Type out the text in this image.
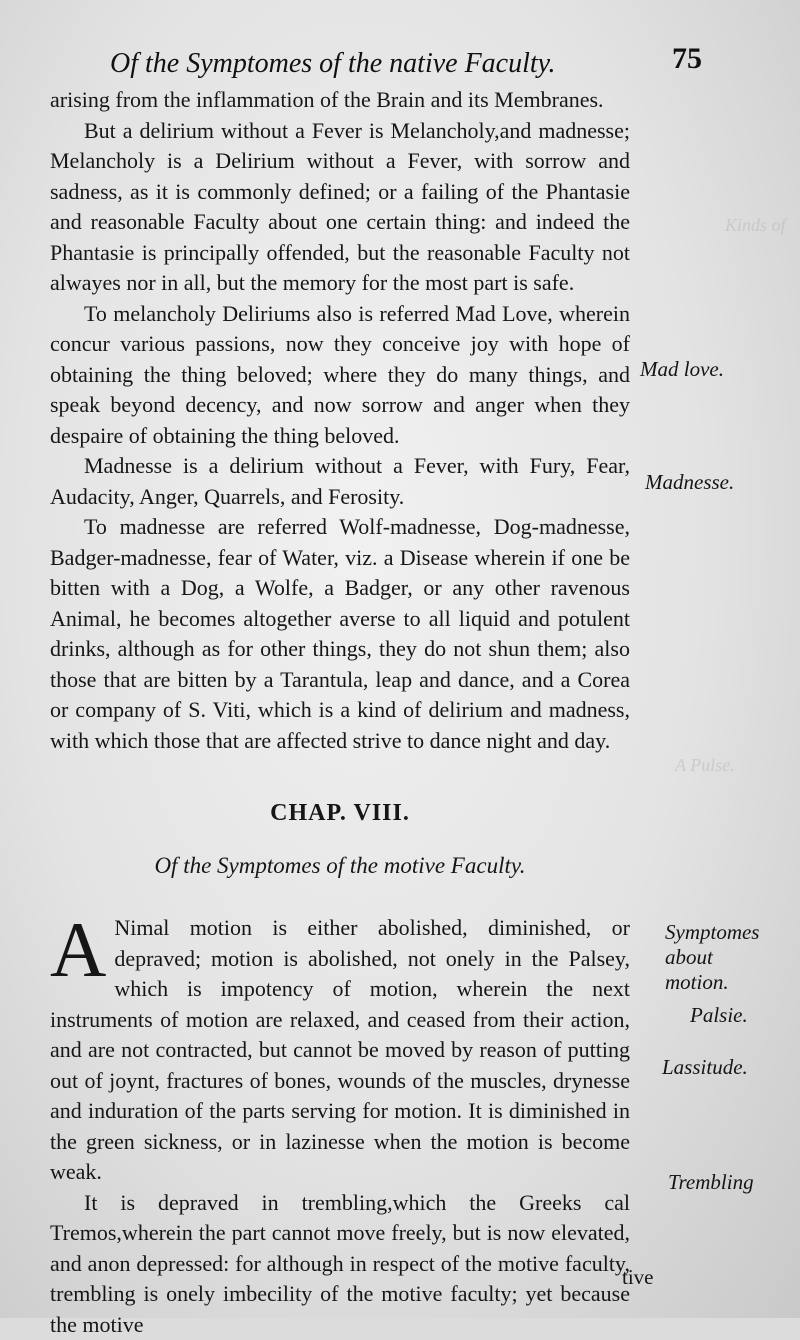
Of the Symptomes of the native Faculty.	75
Kinds of
A Pulse.

arising from the inflammation of the Brain and its Membranes.

But a delirium without a Fever is Melancholy,and madnesse; Melancholy is a Delirium without a Fever, with sorrow and sadness, as it is commonly defined; or a failing of the Phantasie and reasonable Faculty about one certain thing: and indeed the Phantasie is principally offended, but the reasonable Faculty not alwayes nor in all, but the memory for the most part is safe.

To melancholy Deliriums also is referred Mad Love, wherein concur various passions, now they conceive joy with hope of obtaining the thing beloved; where they do many things, and speak beyond decency, and now sorrow and anger when they despaire of obtaining the thing beloved.

Madnesse is a delirium without a Fever, with Fury, Fear, Audacity, Anger, Quarrels, and Ferosity.

To madnesse are referred Wolf-madnesse, Dog-madnesse, Badger-madnesse, fear of Water, viz. a Disease wherein if one be bitten with a Dog, a Wolfe, a Badger, or any other ravenous Animal, he becomes altogether averse to all liquid and potulent drinks, although as for other things, they do not shun them; also those that are bitten by a Tarantula, leap and dance, and a Corea or company of S. Viti, which is a kind of delirium and madness, with which those that are affected strive to dance night and day.

CHAP. VIII.
Of the Symptomes of the motive Faculty.

A Nimal motion is either abolished, diminished, or depraved; motion is abolished, not onely in the Palsey, which is impotency of motion, wherein the next instruments of motion are relaxed, and ceased from their action, and are not contracted, but cannot be moved by reason of putting out of joynt, fractures of bones, wounds of the muscles, drynesse and induration of the parts serving for motion. It is diminished in the green sickness, or in lazinesse when the motion is become weak.

It is depraved in trembling,which the Greeks cal Tremos,wherein the part cannot move freely, but is now elevated, and anon depressed: for although in respect of the motive faculty, trembling is onely imbecility of the motive faculty; yet because the motive

Mad love.
Madnesse.
Symptomes about motion.
Palsie.
Lassitude.
Trembling
tive
